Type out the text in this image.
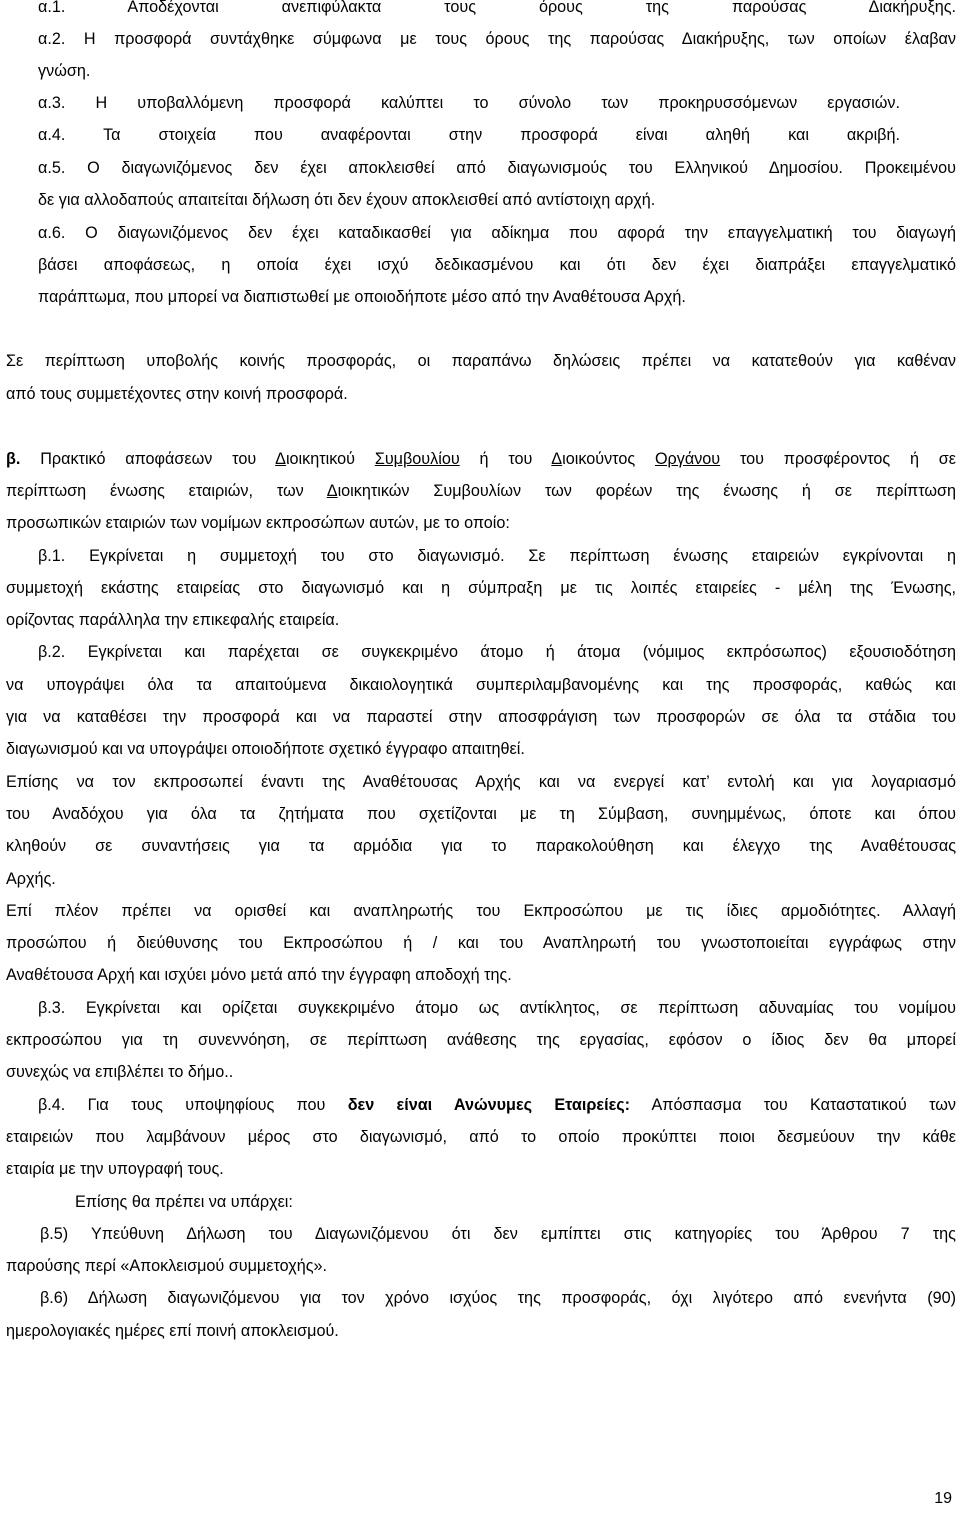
α.1. Αποδέχονται ανεπιφύλακτα τους όρους της παρούσας Διακήρυξης.
α.2. Η προσφορά συντάχθηκε σύμφωνα με τους όρους της παρούσας Διακήρυξης, των οποίων έλαβαν
γνώση.
α.3. Η υποβαλλόμενη προσφορά καλύπτει το σύνολο των προκηρυσσόμενων εργασιών.
α.4. Τα στοιχεία που αναφέρονται στην προσφορά είναι αληθή και ακριβή.
α.5. Ο διαγωνιζόμενος δεν έχει αποκλεισθεί από διαγωνισμούς του Ελληνικού Δημοσίου. Προκειμένου
δε για αλλοδαπούς απαιτείται δήλωση ότι δεν έχουν αποκλεισθεί από αντίστοιχη αρχή.
α.6. Ο διαγωνιζόμενος δεν έχει καταδικασθεί για αδίκημα που αφορά την επαγγελματική του διαγωγή
βάσει αποφάσεως, η οποία έχει ισχύ δεδικασμένου και ότι δεν έχει διαπράξει επαγγελματικό
παράπτωμα, που μπορεί να διαπιστωθεί με οποιοδήποτε μέσο από την Αναθέτουσα Αρχή.
Σε περίπτωση υποβολής κοινής προσφοράς, οι παραπάνω δηλώσεις πρέπει να κατατεθούν για καθέναν
από τους συμμετέχοντες στην κοινή προσφορά.
β. Πρακτικό αποφάσεων του Διοικητικού Συμβουλίου ή του Διοικούντος Οργάνου του προσφέροντος ή σε
περίπτωση ένωσης εταιριών, των Διοικητικών Συμβουλίων των φορέων της ένωσης ή σε περίπτωση
προσωπικών εταιριών των νομίμων εκπροσώπων αυτών, με το οποίο:
β.1. Εγκρίνεται η συμμετοχή του στο διαγωνισμό. Σε περίπτωση ένωσης εταιρειών εγκρίνονται η
συμμετοχή εκάστης εταιρείας στο διαγωνισμό και η σύμπραξη με τις λοιπές εταιρείες - μέλη της Ένωσης,
ορίζοντας παράλληλα την επικεφαλής εταιρεία.
β.2. Εγκρίνεται και παρέχεται σε συγκεκριμένο άτομο ή άτομα (νόμιμος εκπρόσωπος) εξουσιοδότηση
να υπογράψει όλα τα απαιτούμενα δικαιολογητικά συμπεριλαμβανομένης και της προσφοράς, καθώς και
για να καταθέσει την προσφορά και να παραστεί στην αποσφράγιση των προσφορών σε όλα τα στάδια του
διαγωνισμού και να υπογράψει οποιοδήποτε σχετικό έγγραφο απαιτηθεί.
Επίσης να τον εκπροσωπεί έναντι της Αναθέτουσας Αρχής και να ενεργεί κατ’ εντολή και για λογαριασμό
του Αναδόχου για όλα τα ζητήματα που σχετίζονται με τη Σύμβαση, συνημμένως, όποτε και όπου
κληθούν σε συναντήσεις για τα αρμόδια για το παρακολούθηση και έλεγχο της Αναθέτουσας
Αρχής.
Επί πλέον πρέπει να ορισθεί και αναπληρωτής του Εκπροσώπου με τις ίδιες αρμοδιότητες. Αλλαγή
προσώπου ή διεύθυνσης του Εκπροσώπου ή / και του Αναπληρωτή του γνωστοποιείται εγγράφως στην
Αναθέτουσα Αρχή και ισχύει μόνο μετά από την έγγραφη αποδοχή της.
β.3. Εγκρίνεται και ορίζεται συγκεκριμένο άτομο ως αντίκλητος, σε περίπτωση αδυναμίας του νομίμου
εκπροσώπου για τη συνεννόηση, σε περίπτωση ανάθεσης της εργασίας, εφόσον ο ίδιος δεν θα μπορεί
συνεχώς να επιβλέπει το δήμο..
β.4. Για τους υποψηφίους που δεν είναι Ανώνυμες Εταιρείες: Απόσπασμα του Καταστατικού των
εταιρειών που λαμβάνουν μέρος στο διαγωνισμό, από το οποίο προκύπτει ποιοι δεσμεύουν την κάθε
εταιρία με την υπογραφή τους.
Επίσης θα πρέπει να υπάρχει:
β.5) Υπεύθυνη Δήλωση του Διαγωνιζόμενου ότι δεν εμπίπτει στις κατηγορίες του Άρθρου 7 της
παρούσης περί «Αποκλεισμού συμμετοχής».
β.6) Δήλωση διαγωνιζόμενου για τον χρόνο ισχύος της προσφοράς, όχι λιγότερο από ενενήντα (90)
ημερολογιακές ημέρες επί ποινή αποκλεισμού.
19
